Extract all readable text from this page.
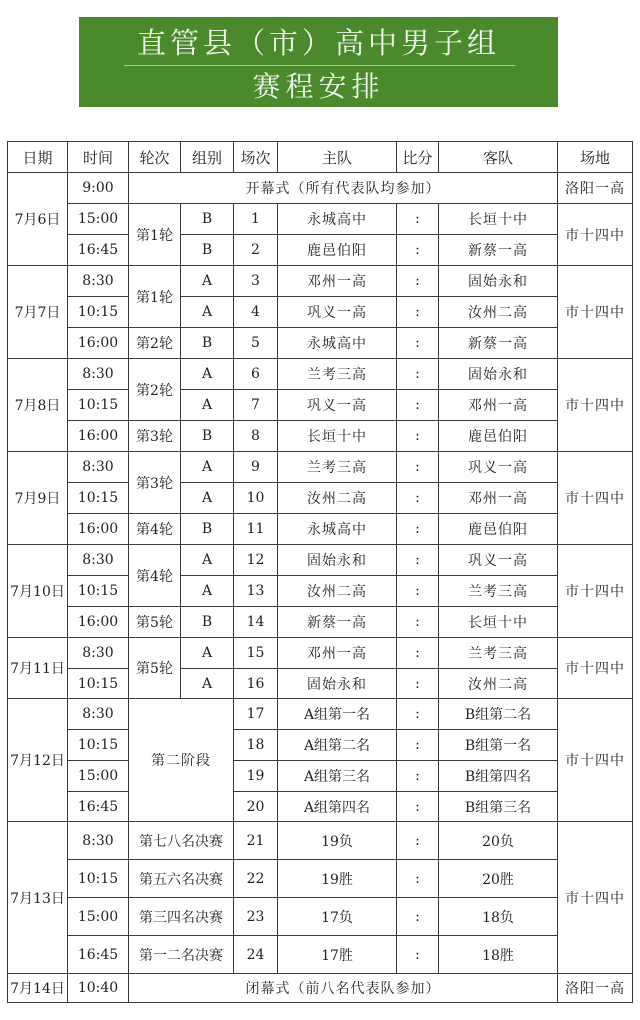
直管县（市）高中男子组
赛程安排
日期	时间	轮次	组别	场次	主队	比分	客队	场地
7月6日	9:00	开幕式（所有代表队均参加）						洛阳一高
	15:00	第1轮	B	1	永城高中	:	长垣十中	市十四中
	16:45		B	2	鹿邑伯阳	:	新蔡一高	
7月7日	8:30	第1轮	A	3	邓州一高	:	固始永和	市十四中
	10:15		A	4	巩义一高	:	汝州二高	
	16:00	第2轮	B	5	永城高中	:	新蔡一高	
7月8日	8:30	第2轮	A	6	兰考三高	:	固始永和	市十四中
	10:15		A	7	巩义一高	:	邓州一高	
	16:00	第3轮	B	8	长垣十中	:	鹿邑伯阳	
7月9日	8:30	第3轮	A	9	兰考三高	:	巩义一高	市十四中
	10:15		A	10	汝州二高	:	邓州一高	
	16:00	第4轮	B	11	永城高中	:	鹿邑伯阳	
7月10日	8:30	第4轮	A	12	固始永和	:	巩义一高	市十四中
	10:15		A	13	汝州二高	:	兰考三高	
	16:00	第5轮	B	14	新蔡一高	:	长垣十中	
7月11日	8:30	第5轮	A	15	邓州一高	:	兰考三高	市十四中
	10:15		A	16	固始永和	:	汝州二高	
7月12日	8:30	第二阶段		17	A组第一名	:	B组第二名	市十四中
	10:15			18	A组第二名	:	B组第一名	
	15:00			19	A组第三名	:	B组第四名	
	16:45			20	A组第四名	:	B组第三名	
7月13日	8:30	第七八名决赛		21	19负	:	20负	市十四中
	10:15	第五六名决赛		22	19胜	:	20胜	
	15:00	第三四名决赛		23	17负	:	18负	
	16:45	第一二名决赛		24	17胜	:	18胜	
7月14日	10:40	闭幕式（前八名代表队参加）						洛阳一高
